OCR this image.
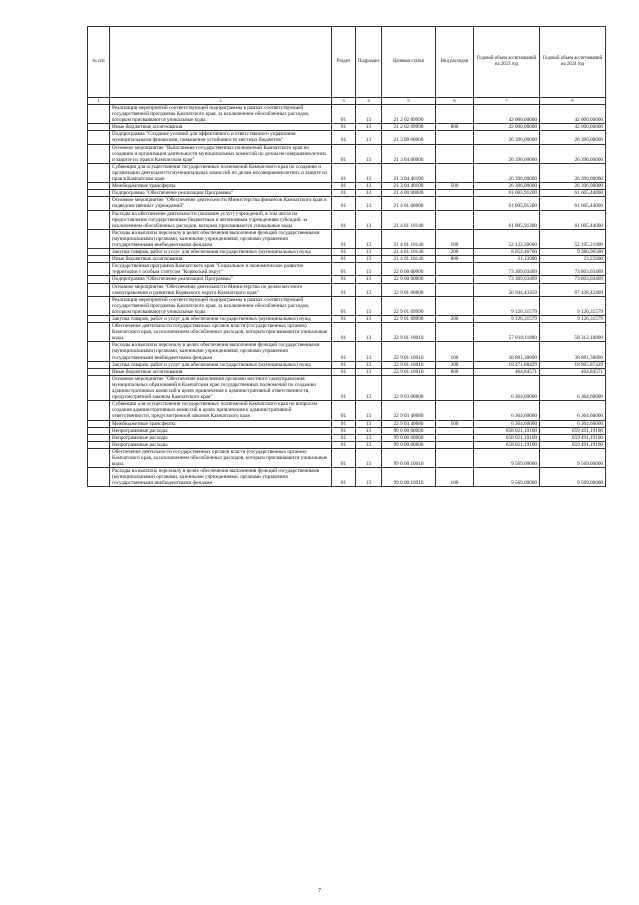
№ п/п		Раздел	Подраздел	Целевая статья	Вид расходов	Годовой объем ассигнований на 2023 год	Годовой объем ассигнований на 2024 год
1	2	3	4	5	6	7	8
	Реализация мероприятий соответствующей подпрограммы в рамках соответствующей государственной программы Камчатского края, за исключением обособленных расходов, которым присваиваются уникальные коды	01	13	21 2 02 09990		42 000,00000	42 000,00000
	Иные бюджетные ассигнования	01	13	21 2 02 09990	800	42 000,00000	42 000,00000
	Подпрограмма "Создание условий для эффективного и ответственного управления муниципальными финансами, повышения устойчивости местных бюджетов"	01	13	21 3 00 00000		26 396,00000	26 396,00000
	Основное мероприятие "Выполнение государственных полномочий Камчатского края по созданию и организации деятельности муниципальных комиссий по делам несовершеннолетних и защите их прав в Камчатском крае"	01	13	21 3 04 00000		26 396,00000	26 396,00000
	Субвенции для осуществления государственных полномочий Камчатского края по созданию и организации деятельности муниципальных комиссий по делам несовершеннолетних и защите их прав в Камчатском крае	01	13	21 3 04 40100		26 396,00000	26 396,00000
	Межбюджетные трансферты	01	13	21 3 04 40100	500	26 396,00000	26 396,00000
	Подпрограмма "Обеспечение реализации Программы"	01	13	21 4 00 00000		61 005,91200	61 605,44000
	Основное мероприятие "Обеспечение деятельности Министерства финансов Камчатского края и подведомственных учреждений"	01	13	21 4 01 00000		61 005,91200	61 605,44000
	Расходы на обеспечение деятельности (оказание услуг) учреждений, в том числе на предоставление государственным бюджетным и автономным учреждениям субсидий, за исключением обособленных расходов, которым присваиваются уникальные коды	01	13	21 4 01 10140		61 005,91200	61 605,44000
	Расходы на выплаты персоналу в целях обеспечения выполнения функций государственными (муниципальными) органами, казенными учреждениями, органами управления государственными внебюджетными фондами	01	13	21 4 01 10140	100	52 122,30600	52 195,21900
	Закупка товаров, работ и услуг для обеспечения государственных (муниципальных) нужд	01	13	21 4 01 10140	200	8 852,46700	9 386,96500
	Иные бюджетные ассигнования	01	13	21 4 01 10140	800	31,13900	23,25600
	Государственная программа Камчатского края "Социальное и экономическое развитие территории с особым статусом "Корякский округ"	01	13	22 0 00 00000		73 309,03469	73 803,03469
	Подпрограмма "Обеспечение реализации Программы"	01	13	22 9 00 00000		73 309,03469	73 803,03469
	Основное мероприятие "Обеспечение деятельности Министерства по делам местного самоуправления и развитию Корякского округа Камчатского края"	01	13	22 9 01 00000		56 944,43459	67 438,42469
	Реализация мероприятий соответствующей подпрограммы в рамках соответствующей государственной программы Камчатского края, за исключением обособленных расходов, которым присваиваются уникальные коды	01	13	22 9 01 09990		9 126,31579	9 126,31579
	Закупка товаров, работ и услуг для обеспечения государственных (муниципальных) нужд	01	13	22 9 01 09990	200	9 126,31579	9 126,31579
	Обеспечение деятельности государственных органов власти (государственных органов) Камчатского края, за исключением обособленных расходов, которым присваиваются уникальные коды.	01	13	22 9 01 10010		57 818,11890	58 312,10890
	Расходы на выплаты персоналу в целях обеспечения выполнения функций государственными (муниципальными) органами, казенными учреждениями, органами управления государственными внебюджетными фондами	01	13	22 9 01 10010	100	38 881,38890	38 881,38890
	Закупка товаров, работ и услуг для обеспечения государственных (муниципальных) нужд	01	13	22 9 01 10010	200	18 471,88429	18 965,87429
	Иные бюджетные ассигнования	01	13	22 9 01 10010	800	464,84571	464,84571
	Основное мероприятие "Обеспечение выполнения органами местного самоуправления муниципальных образований в Камчатском крае государственных полномочий по созданию административных комиссий в целях привлечения к административной ответственности, предусмотренной законом Камчатского края"	01	13	22 9 03 00000		6 364,60000	6 364,60000
	Субвенции для осуществления государственных полномочий Камчатского края по вопросам создания административных комиссий в целях привлечения к административной ответственности, предусмотренной законом Камчатского края	01	13	22 9 03 40080		6 364,60000	6 364,60000
	Межбюджетные трансферты	01	13	22 9 03 40080	500	6 364,60000	6 364,60000
	Непрограммные расходы	01	13	99 0 00 00000		658 021,19100	659 491,19100
	Непрограммные расходы	01	13	99 0 00 00000		658 021,19100	659 491,19100
	Непрограммные расходы	01	13	99 0 00 00000		658 021,19100	659 491,19100
	Обеспечение деятельности государственных органов власти (государственных органов) Камчатского края, за исключением обособленных расходов, которым присваиваются уникальные коды.	01	13	99 0 00 10010		9 569,00000	9 569,00000
	Расходы на выплаты персоналу в целях обеспечения выполнения функций государственными (муниципальными) органами, казенными учреждениями, органами управления государственными внебюджетными фондами	01	13	99 0 00 10010	100	9 569,00000	9 569,00000
7
